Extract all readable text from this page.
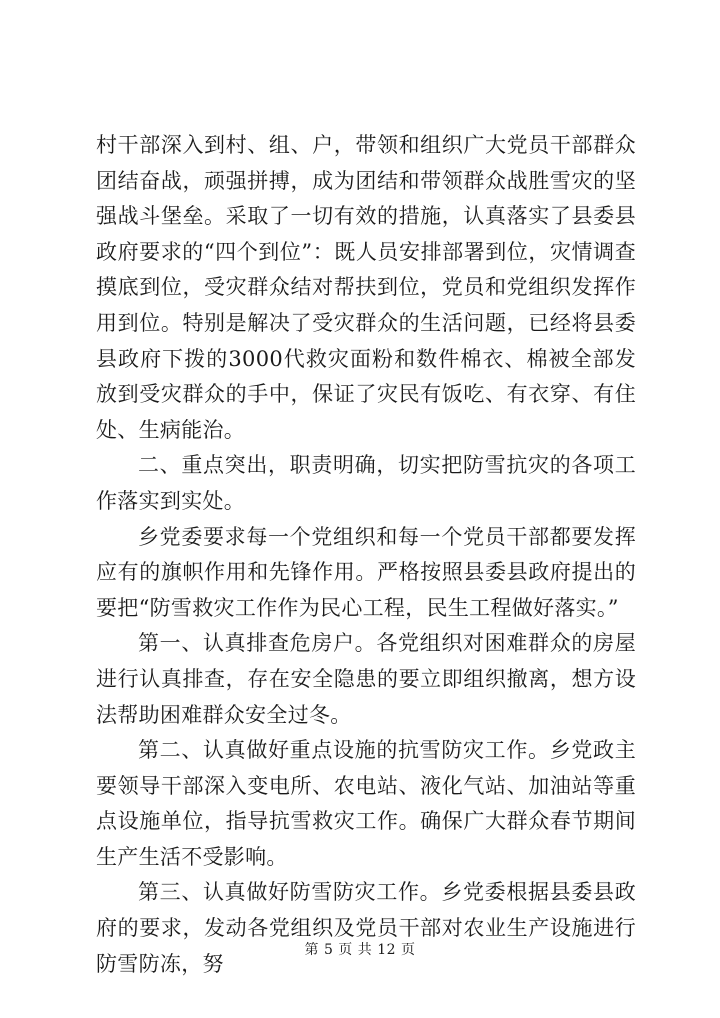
村干部深入到村、组、户，带领和组织广大党员干部群众团结奋战，顽强拼搏，成为团结和带领群众战胜雪灾的坚强战斗堡垒。采取了一切有效的措施，认真落实了县委县政府要求的“四个到位”：既人员安排部署到位，灾情调查摸底到位，受灾群众结对帮扶到位，党员和党组织发挥作用到位。特别是解决了受灾群众的生活问题，已经将县委县政府下拨的3000代救灾面粉和数件棉衣、棉被全部发放到受灾群众的手中，保证了灾民有饭吃、有衣穿、有住处、生病能治。

二、重点突出，职责明确，切实把防雪抗灾的各项工作落实到实处。

乡党委要求每一个党组织和每一个党员干部都要发挥应有的旗帜作用和先锋作用。严格按照县委县政府提出的要把“防雪救灾工作作为民心工程，民生工程做好落实。”

第一、认真排查危房户。各党组织对困难群众的房屋进行认真排查，存在安全隐患的要立即组织撤离，想方设法帮助困难群众安全过冬。

第二、认真做好重点设施的抗雪防灾工作。乡党政主要领导干部深入变电所、农电站、液化气站、加油站等重点设施单位，指导抗雪救灾工作。确保广大群众春节期间生产生活不受影响。

第三、认真做好防雪防灾工作。乡党委根据县委县政府的要求，发动各党组织及党员干部对农业生产设施进行防雪防冻，努

第 5 页 共 12 页
